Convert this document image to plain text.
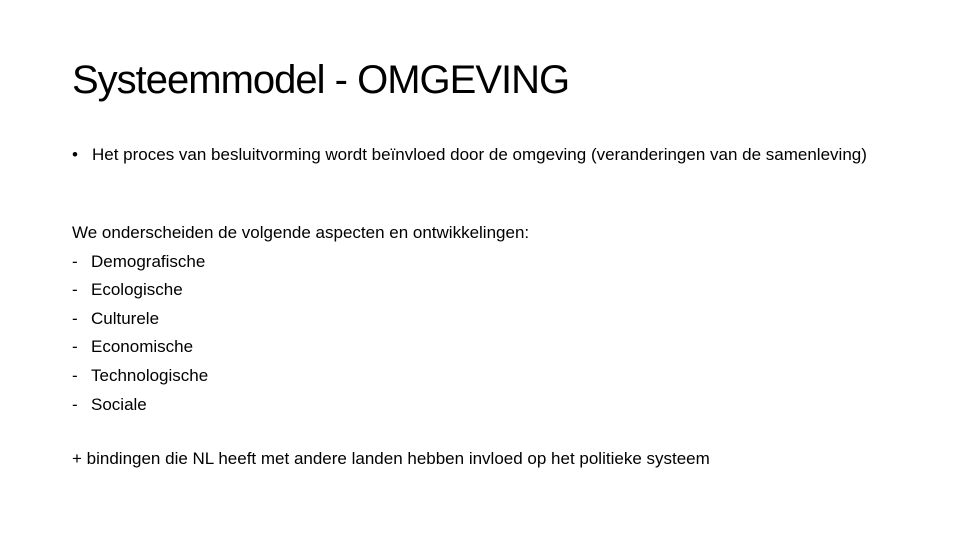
Systeemmodel - OMGEVING
• Het proces van besluitvorming wordt beïnvloed door de omgeving (veranderingen van de samenleving)
We onderscheiden de volgende aspecten en ontwikkelingen:
- Demografische
- Ecologische
- Culturele
- Economische
- Technologische
- Sociale
+ bindingen die NL heeft met andere landen hebben invloed op het politieke systeem
